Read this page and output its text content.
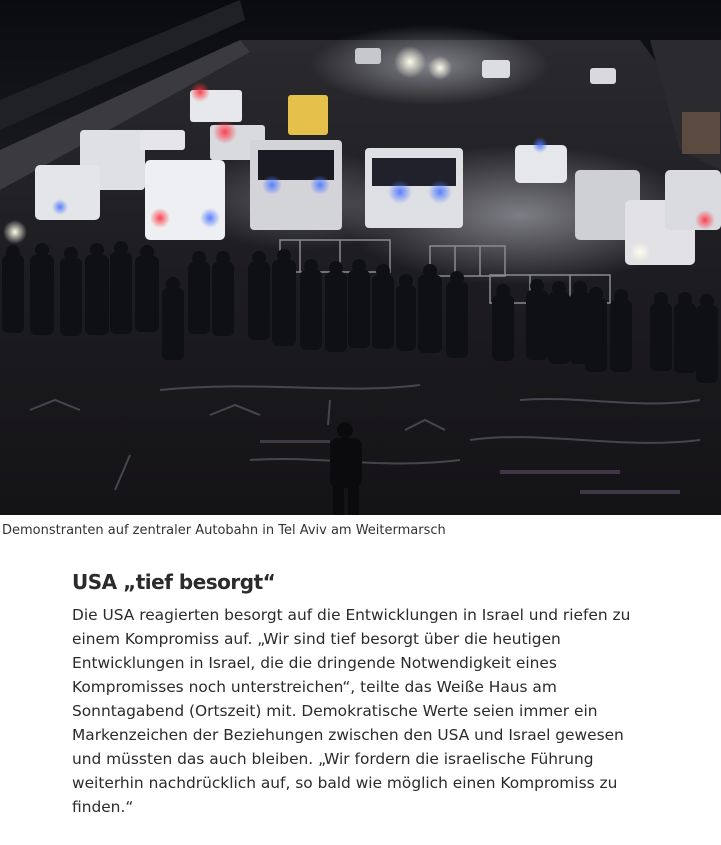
Demonstranten auf zentraler Autobahn in Tel Aviv am Weitermarsch
USA „tief besorgt“

Die USA reagierten besorgt auf die Entwicklungen in Israel und riefen zu einem Kompromiss auf. „Wir sind tief besorgt über die heutigen Entwicklungen in Israel, die die dringende Notwendigkeit eines Kompromisses noch unterstreichen“, teilte das Weiße Haus am Sonntagabend (Ortszeit) mit. Demokratische Werte seien immer ein Markenzeichen der Beziehungen zwischen den USA und Israel gewesen und müssten das auch bleiben. „Wir fordern die israelische Führung weiterhin nachdrücklich auf, so bald wie möglich einen Kompromiss zu finden.“
